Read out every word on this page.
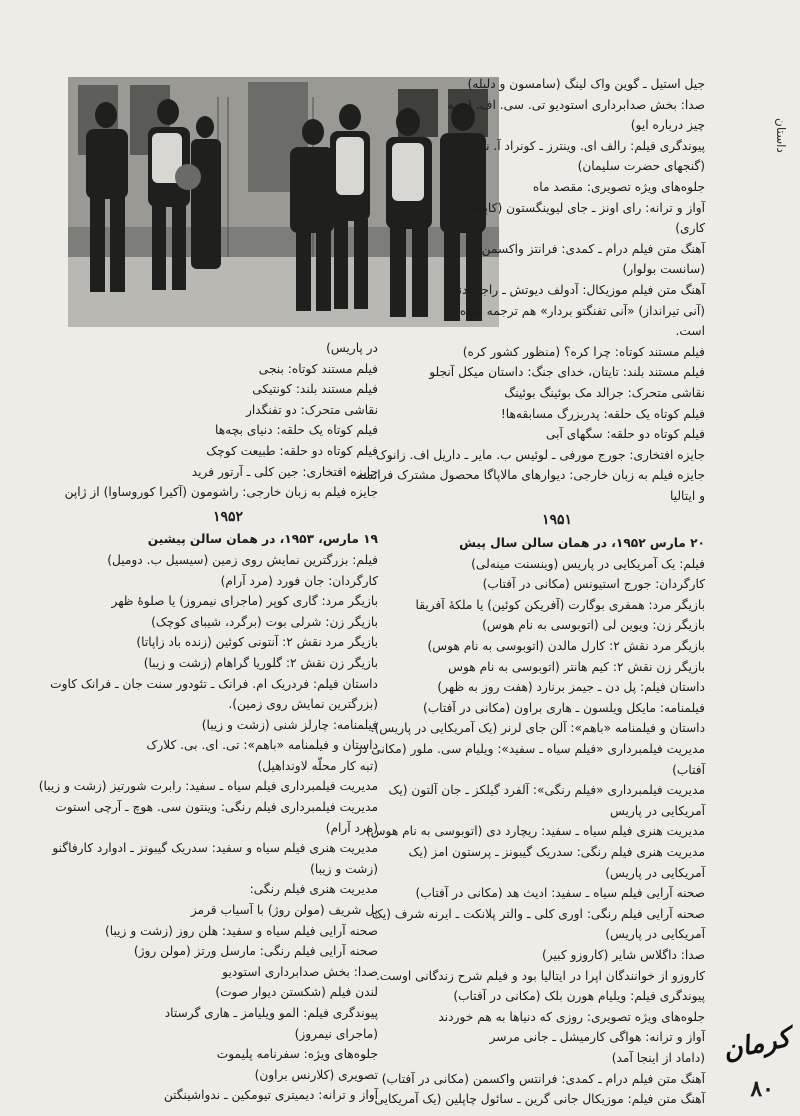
داستان
جیل استیل ـ گوین واک لینگ (سامسون و دلیله)
صدا: بخش صدابرداری استودیو تی. سی. اف. (همه
چیز درباره ایو)
پیوندگری فیلم: رالف ای. وینترز ـ کونراد آ. نرویگ
(گنجهای حضرت سلیمان)
جلوه‌های ویژه تصویری: مقصد ماه
آواز و ترانه: رای اونز ـ جای لیوینگستون (کاپیتان
کاری)
آهنگ متن فیلم درام ـ کمدی: فرانتز واکسمن
(سانست بولوار)
آهنگ متن فیلم موزیکال: آدولف دیوتش ـ راجر ادنز
(آنی تیرانداز) «آنی تفنگتو بردار» هم ترجمه شده
است.
فیلم مستند کوتاه: چرا کره؟ (منظور کشور کره)
فیلم مستند بلند: تایتان، خدای جنگ: داستان میکل آنجلو
نقاشی متحرک: جرالد مک بوئینگ بوئینگ
فیلم کوتاه یک حلقه: پدربزرگ مسابقه‌ها!
فیلم کوتاه دو حلقه: سگهای آبی
جایزه افتخاری: جورج مورفی ـ لوئیس ب. مایر ـ داریل اف. زانوک
جایزه فیلم به زبان خارجی: دیوارهای مالاپاگا محصول مشترک فرانسه
و ایتالیا
۱۹۵۱
۲۰ مارس ۱۹۵۲، در همان سالن سال پیش
فیلم: یک آمریکایی در پاریس (وینسنت مینه‌لی)
کارگردان: جورج استیونس (مکانی در آفتاب)
بازیگر مرد: همفری بوگارت (آفریکن کوئین) یا ملکهٔ آفریقا
بازیگر زن: ویوین لی (اتوبوسی به نام هوس)
بازیگر مرد نقش ۲: کارل مالدن (اتوبوسی به نام هوس)
بازیگر زن نقش ۲: کیم هانتر (اتوبوسی به نام هوس
داستان فیلم: پل دن ـ جیمز برنارد (هفت روز به ظهر)
فیلمنامه: مایکل ویلسون ـ هاری براون (مکانی در آفتاب)
داستان و فیلمنامه «باهم»: آلن جای لرنر (یک آمریکایی در پاریس).
مدیریت فیلمبرداری «فیلم سیاه ـ سفید»: ویلیام سی. ملور (مکانی در
آفتاب)
مدیریت فیلمبرداری «فیلم رنگی»: آلفرد گیلکز ـ جان آلتون (یک
آمریکایی در پاریس
مدیریت هنری فیلم سیاه ـ سفید: ریچارد دی (اتوبوسی به نام هوس)
مدیریت هنری فیلم رنگی: سدریک گیبونز ـ پرستون امز (یک
آمریکایی در پاریس)
صحنه آرایی فیلم سیاه ـ سفید: ادیث هد (مکانی در آفتاب)
صحنه آرایی فیلم رنگی: اوری کلی ـ والتر پلانکت ـ ایرنه شرف (یک
آمریکایی در پاریس)
صدا: داگلاس شایر (کاروزو کبیر)
کاروزو از خوانندگان اپرا در ایتالیا بود و فیلم شرح زندگانی اوست.
پیوندگری فیلم: ویلیام هورن بلک (مکانی در آفتاب)
جلوه‌های ویژه تصویری: روزی که دنیاها به هم خوردند
آواز و ترانه: هواگی کارمیشل ـ جانی مرسر
(داماد از اینجا آمد)
آهنگ متن فیلم درام ـ کمدی: فرانتس واکسمن (مکانی در آفتاب)
آهنگ متن فیلم: موزیکال جانی گرین ـ سائول چاپلین (یک آمریکایی
در پاریس)
فیلم مستند کوتاه: بنجی
فیلم مستند بلند: کونتیکی
نقاشی متحرک: دو تفنگدار
فیلم کوتاه یک حلقه: دنیای بچه‌ها
فیلم کوتاه دو حلقه: طبیعت کوچک
جایزه افتخاری: جین کلی ـ آرتور فرید
جایزه فیلم به زبان خارجی: راشومون (آکیرا کوروساوا) از ژاپن
۱۹۵۲
۱۹ مارس، ۱۹۵۳، در همان سالن پیشین
فیلم: بزرگترین نمایش روی زمین (سیسیل ب. دومیل)
کارگردان: جان فورد (مرد آرام)
بازیگر مرد: گاری کوپر (ماجرای نیمروز) یا صلوهٔ ظهر
بازیگر زن: شرلی بوت (برگرد، شیبای کوچک)
بازیگر مرد نقش ۲: آنتونی کوئین (زنده باد زاپاتا)
بازیگر زن نقش ۲: گلوریا گراهام (زشت و زیبا)
داستان فیلم: فردریک ام. فرانک ـ تئودور سنت جان ـ فرانک کاوت
(بزرگترین نمایش روی زمین).
فیلمنامه: چارلز شنی (زشت و زیبا)
داستان و فیلمنامه «باهم»: تی. ای. بی. کلارک
(تبه کار محلّه لاونداهیل)
مدیریت فیلمبرداری فیلم سیاه ـ سفید: رابرت شورتیز (زشت و زیبا)
مدیریت فیلمبرداری فیلم رنگی: وینتون سی. هوچ ـ آرچی استوت
(مرد آرام)
مدیریت هنری فیلم سیاه و سفید: سدریک گیبونز ـ ادوارد کارفاگنو
(زشت و زیبا)
مدیریت هنری فیلم رنگی:
پل شریف (مولن روژ) با آسیاب قرمز
صحنه آرایی فیلم سیاه و سفید: هلن روز (زشت و زیبا)
صحنه آرایی فیلم رنگی: مارسل ورتز (مولن روژ)
صدا: بخش صدابرداری استودیو
لندن فیلم (شکستن دیوار صوت)
پیوندگری فیلم: المو ویلیامز ـ هاری گرستاد
(ماجرای نیمروز)
جلوه‌های ویژه: سفرنامه پلیموت
تصویری (کلارنس براون)
آواز و ترانه: دیمیتری تیومکین ـ ندواشینگتن
کرمان
۸۰
